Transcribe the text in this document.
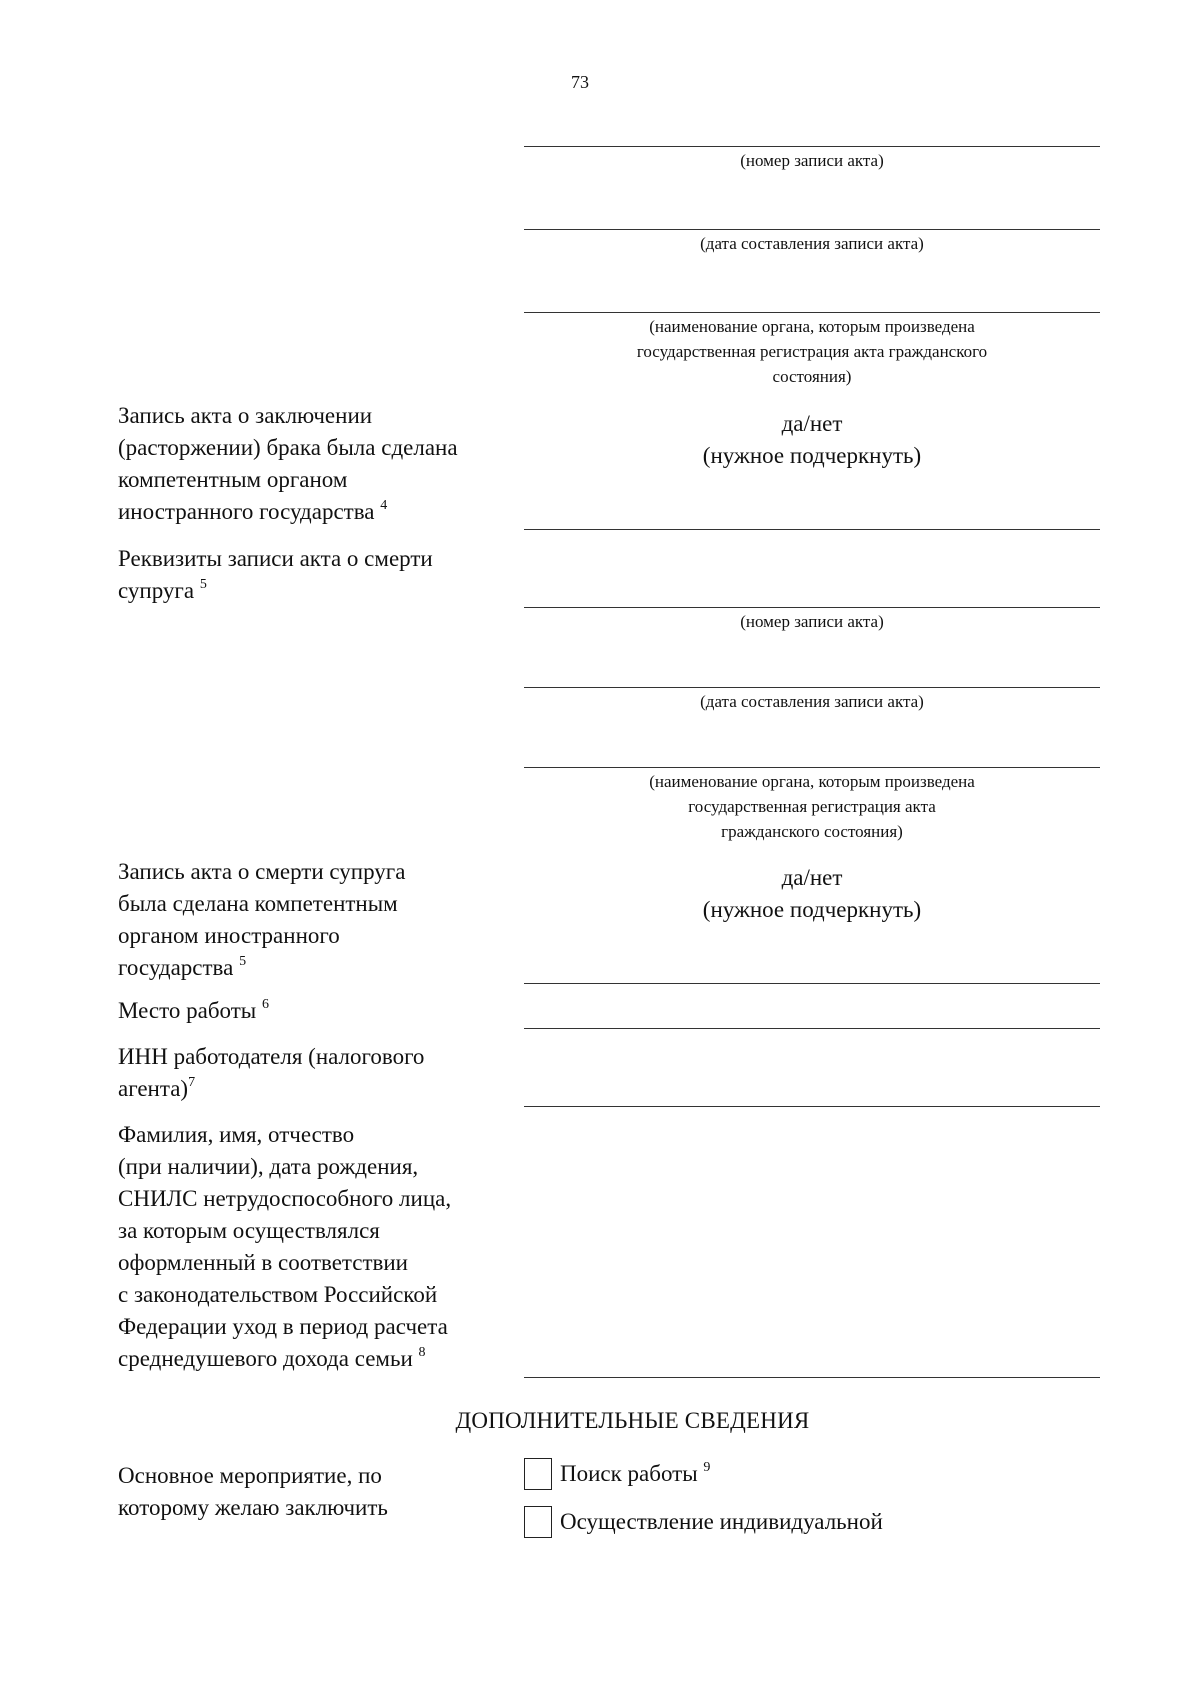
73
(номер записи акта)
(дата составления записи акта)
(наименование органа, которым произведена
государственная регистрация акта гражданского
состояния)
Запись акта о заключении
(расторжении) брака была сделана
компетентным органом
иностранного государства $^4$
да/нет
(нужное подчеркнуть)
Реквизиты записи акта о смерти
супруга $^5$
(номер записи акта)
(дата составления записи акта)
(наименование органа, которым произведена
государственная регистрация акта
гражданского состояния)
Запись акта о смерти супруга
была сделана компетентным
органом иностранного
государства $^5$
да/нет
(нужное подчеркнуть)
Место работы $^6$
ИНН работодателя (налогового
агента)$^7$
Фамилия, имя, отчество
(при наличии), дата рождения,
СНИЛС нетрудоспособного лица,
за которым осуществлялся
оформленный в соответствии
с законодательством Российской
Федерации уход в период расчета
среднедушевого дохода семьи $^8$
ДОПОЛНИТЕЛЬНЫЕ СВЕДЕНИЯ
Основное мероприятие, по
которому желаю заключить
Поиск работы $^9$
Осуществление индивидуальной
